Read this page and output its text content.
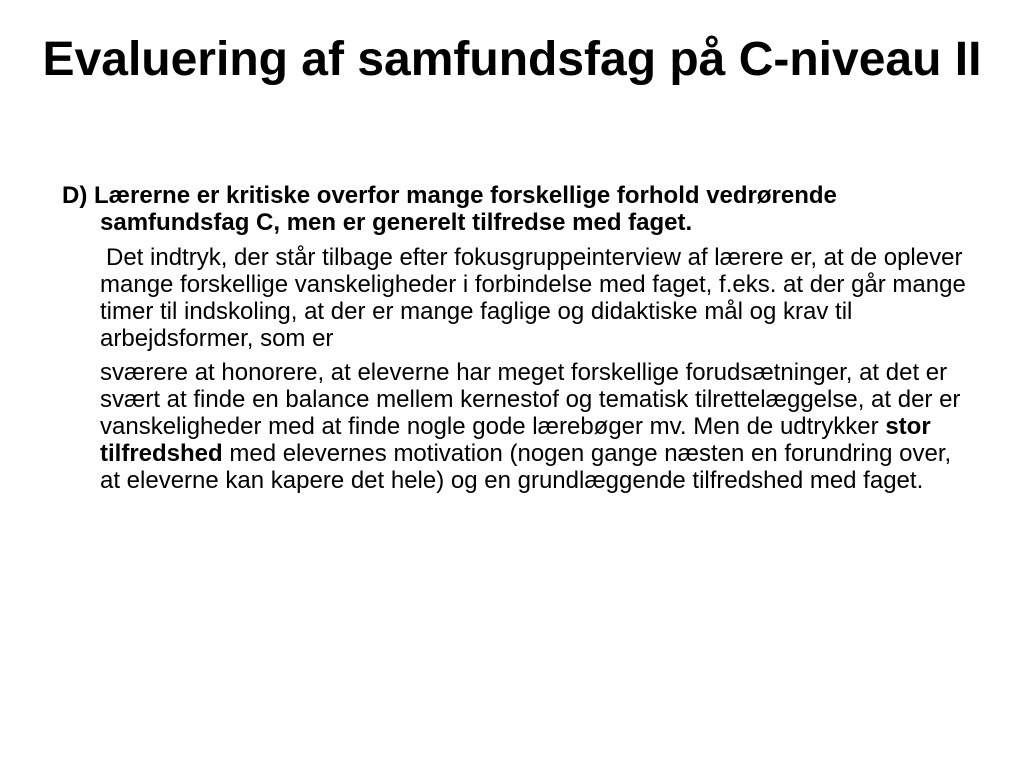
Evaluering af samfundsfag på C-niveau II

D) Lærerne er kritiske overfor mange forskellige forhold vedrørende samfundsfag C, men er generelt tilfredse med faget.

Det indtryk, der står tilbage efter fokusgruppeinterview af lærere er, at de oplever mange forskellige vanskeligheder i forbindelse med faget, f.eks. at der går mange timer til indskoling, at der er mange faglige og didaktiske mål og krav til arbejdsformer, som er

sværere at honorere, at eleverne har meget forskellige forudsætninger, at det er svært at finde en balance mellem kernestof og tematisk tilrettelæggelse, at der er vanskeligheder med at finde nogle gode lærebøger mv. Men de udtrykker stor tilfredshed med elevernes motivation (nogen gange næsten en forundring over, at eleverne kan kapere det hele) og en grundlæggende tilfredshed med faget.
